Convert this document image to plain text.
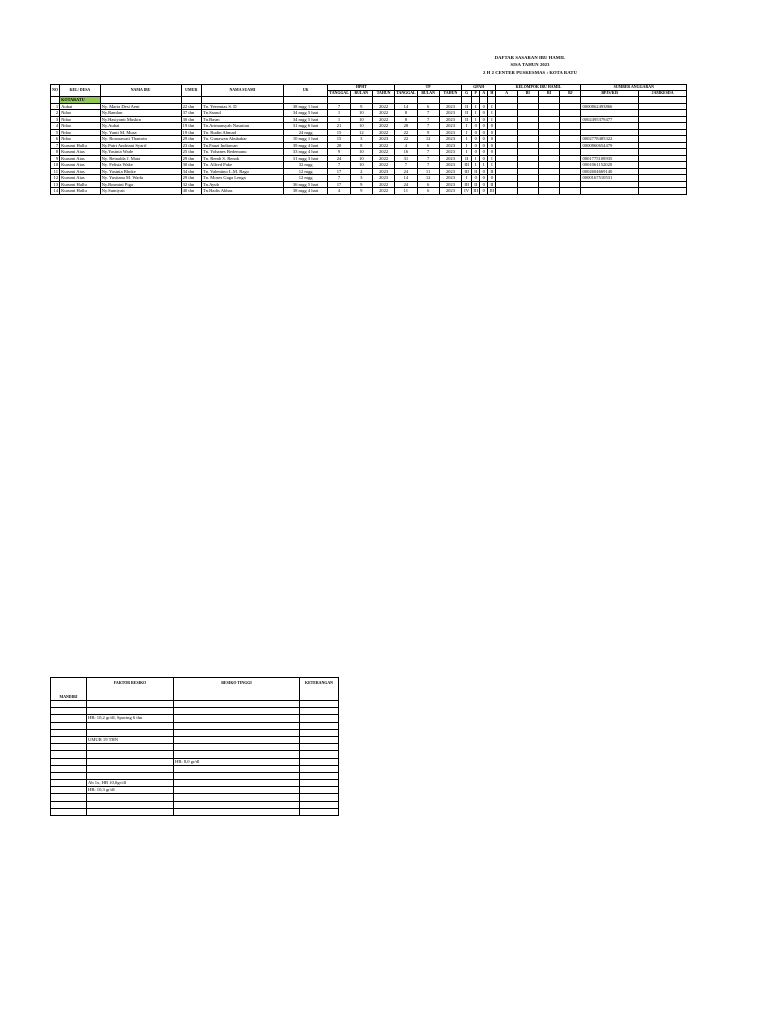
DAFTAR SASARAN IBU HAMIL
SISA TAHUN 2023
2 H 2 CENTER PUSKESMAS : KOTA RATU
NO	KEL/ DESA	NAMA IBU	UMUR	NAMA SUAMI	UK	HPHT			TP			GPAH				KELOMPOK IBU HAMIL				SUMBER ANGGARAN	
						TANGGAL	BULAN	TAHUN	TANGGAL	BULAN	TAHUN	G	P	A	H	A	BI	BI	BJ	BPJS/KIS	JAMKESDA
	KOTARATU																				
1	Aubai	Ny. Maria Desi Aeni	22 thn	Tn. Yeremias S. D	38 mgg 1 hari	7	9	2022	14	6	2023	II	I	0	I					0000862493866	
2	Ndao	Ny.Ramlan	37 thn	Tn.Saarul	34 mgg 5 hari	1	10	2022	8	7	2023	II	I	0	I						
3	Ndao	Ny.Hasiyanti Muskin	30 thn	Tn.Basm	34 mgg 5 hari	1	10	2022	8	7	2023	II	I	0	I					0002495379477	
4	Ndao	Ny.Aubai	19 thn	Tn.Arimansyah Nasution	31 mgg 6 hari	21	10	2022	28	7	2023	I	0	0	0						
5	Ndao	Ny. Yanti M. Musa	19 thn	Tn. Rudin Ahmad	24 mgg	15	12	2022	22	9	2023	I	0	0	0						
6	Ndao	Ny. Rosmawati Thamrin	29 thn	Tn. Gunawan Abubakar	10 mgg 1 hari	15	3	2023	22	12	2023	I	0	0	0					0002778485322	
7	Kurumi Hallu	Ny.Putri Andriani Syarif	23 thn	Tn.Fauzi Indiawan	39 mgg 4 hari	28	8	2022	4	6	2023	I	0	0	0					0000860654479	
8	Kurumi Atas	Ny.Yasinta Wade	25 thn	Tn. Yohanes Bedemanu	33 mgg 4 hari	9	10	2022	16	7	2023	I	0	0	0						
9	Kurumi Atas	Ny. Reinalda J. Mata	29 thn	Tn. Rendi S. Renok	31 mgg 3 hari	24	10	2022	31	7	2023	II	I	0	I					0001775108935	
10	Kurumi Atas	Ny. Felisia Wake	30 thn	Tn. Alfred Pake	32 mgg	7	10	2022	7	7	2023	III	I	I	I					0001061152020	
11	Kurumi Atas	Ny. Yasinta Bhoke	34 thn	Tn. Valentino L.M. Rago	12 mgg	17	2	2023	24	11	2023	III	II	0	II					0002604669140	
12	Kurumi Atas	Ny. Yustiana M. Wadu	29 thn	Tn. Moses Gaga Lenga	12 mgg	7	3	2023	14	12	2023	I	0	0	0					0000167510531	
13	Kurumi Hallu	Ny.Rosmini Piga	32 thn	Tn.Ayub	36 mgg 5 hari	17	9	2022	24	6	2023	III	II	0	II						
14	Kurumi Hallu	Ny.Sumiyati	40 thn	Tn.Hadis Abbas	38 mgg 4 hari	4	9	2022	11	6	2023	IV	III	0	III						
	FAKTOR RESIKO	RESIKO TINGGI	KETERANGAN
MANDIRI			

	HB: 10,2 gr/dl, Spacing 6 thn		

	UMUR 19 THN		

		HB: 8,0 gr/dl	

	Ab 1x, HB 10,0gr/dl		
	HB: 10,3 gr/dl		
